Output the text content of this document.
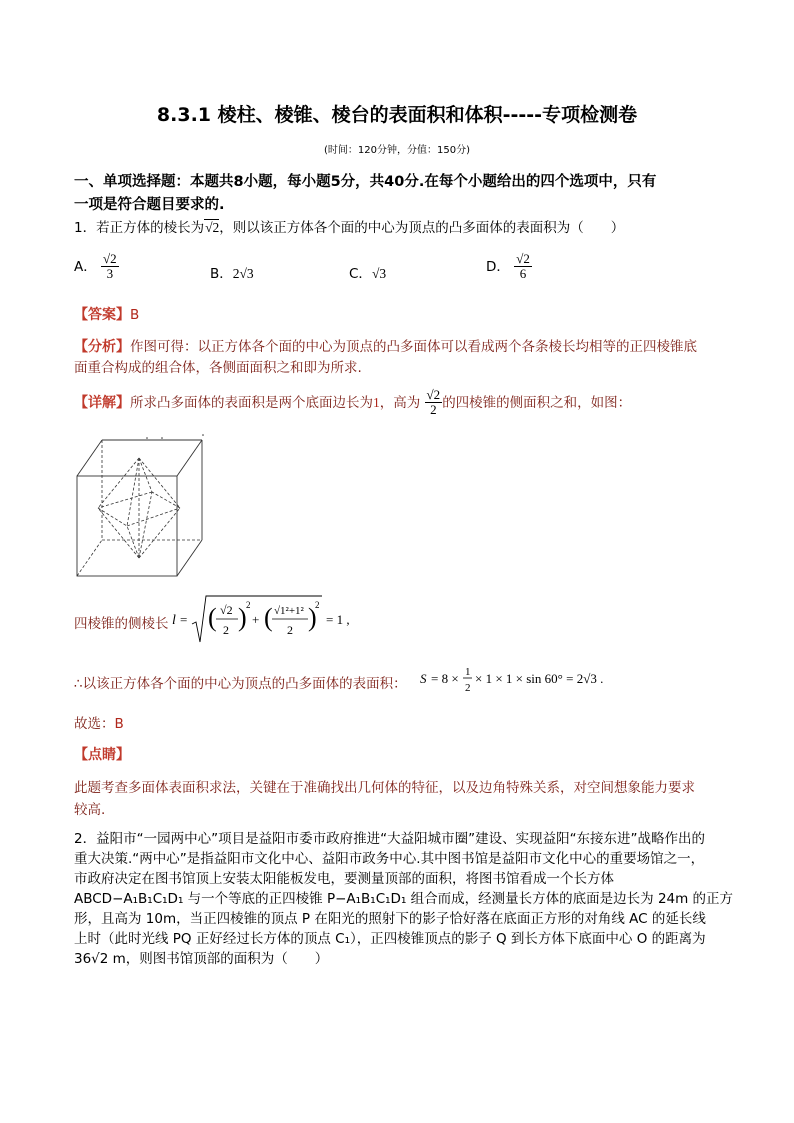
8.3.1 棱柱、棱锥、棱台的表面积和体积-----专项检测卷
(时间：120分钟，分值：150分)
一、单项选择题：本题共8小题，每小题5分，共40分.在每个小题给出的四个选项中，只有
一项是符合题目要求的.
1．若正方体的棱长为√2，则以该正方体各个面的中心为顶点的凸多面体的表面积为（　　）
A． $\frac{√2}{3}$	B．2√3	C．√3	D． $\frac{√2}{6}$
【答案】B
【分析】作图可得：以正方体各个面的中心为顶点的凸多面体可以看成两个各条棱长均相等的正四棱锥底
面重合构成的组合体，各侧面面积之和即为所求.
【详解】所求凸多面体的表面积是两个底面边长为1，高为 $\frac{√2}{2}$ 的四棱锥的侧面积之和，如图：
四棱锥的侧棱长 l = ( √2
2 ) 2
+ ( √1²+1²
2 )
2
= 1 ,
∴以该正方体各个面的中心为顶点的凸多面体的表面积： S = 8 × 1
2
× 1 × 1 × sin 60° = 2√3 .
故选：B
【点睛】
此题考查多面体表面积求法，关键在于准确找出几何体的特征，以及边角特殊关系，对空间想象能力要求
较高.
2．益阳市“一园两中心”项目是益阳市委市政府推进“大益阳城市圈”建设、实现益阳“东接东进”战略作出的
重大决策.“两中心”是指益阳市文化中心、益阳市政务中心.其中图书馆是益阳市文化中心的重要场馆之一，
市政府决定在图书馆顶上安装太阳能板发电，要测量顶部的面积，将图书馆看成一个长方体
ABCD−A₁B₁C₁D₁ 与一个等底的正四棱锥 P−A₁B₁C₁D₁ 组合而成，经测量长方体的底面是边长为 24m 的正方
形，且高为 10m，当正四棱锥的顶点 P 在阳光的照射下的影子恰好落在底面正方形的对角线 AC 的延长线
上时（此时光线 PQ 正好经过长方体的顶点 C₁），正四棱锥顶点的影子 Q 到长方体下底面中心 O 的距离为
36√2 m，则图书馆顶部的面积为（　　）
